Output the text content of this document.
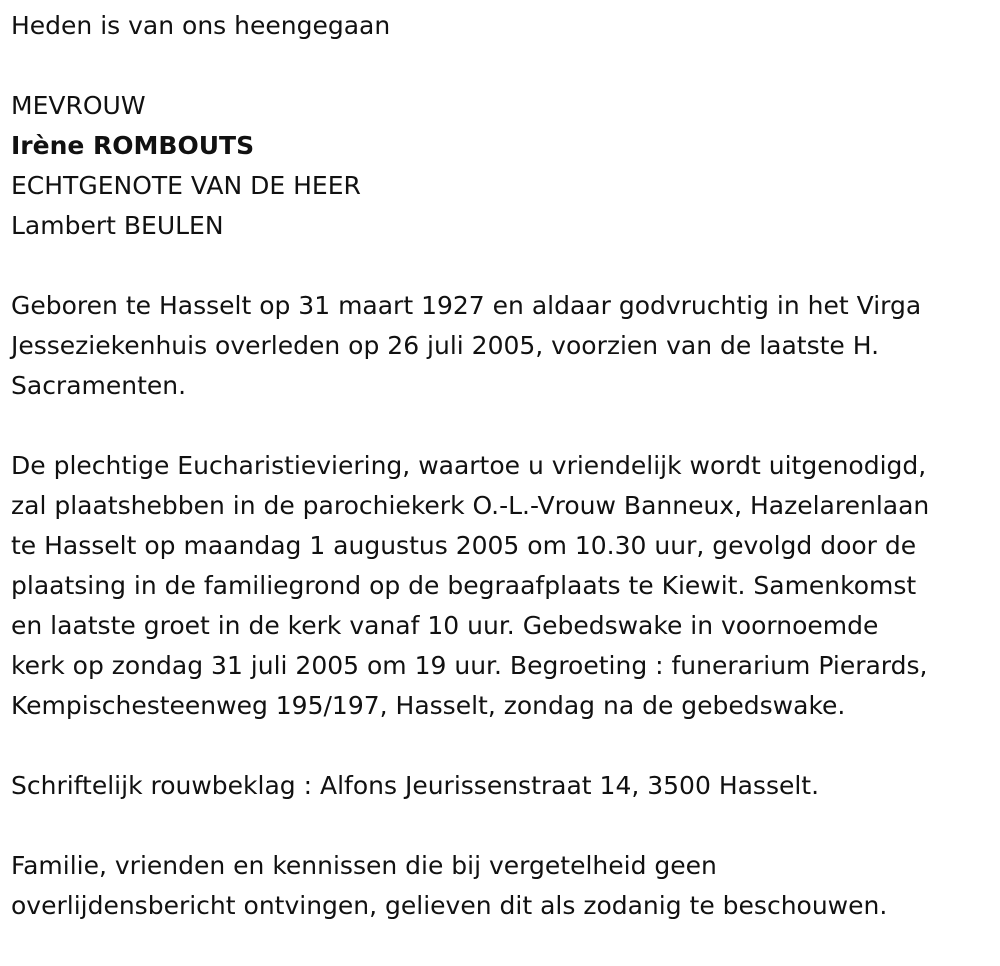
Heden is van ons heengegaan

MEVROUW

Irène ROMBOUTS

ECHTGENOTE VAN DE HEER

Lambert BEULEN

Geboren te Hasselt op 31 maart 1927 en aldaar godvruchtig in het Virga

Jesseziekenhuis overleden op 26 juli 2005, voorzien van de laatste H.

Sacramenten.

De plechtige Eucharistieviering, waartoe u vriendelijk wordt uitgenodigd,

zal plaatshebben in de parochiekerk O.-L.-Vrouw Banneux, Hazelarenlaan

te Hasselt op maandag 1 augustus 2005 om 10.30 uur, gevolgd door de

plaatsing in de familiegrond op de begraafplaats te Kiewit. Samenkomst

en laatste groet in de kerk vanaf 10 uur. Gebedswake in voornoemde

kerk op zondag 31 juli 2005 om 19 uur. Begroeting : funerarium Pierards,

Kempischesteenweg 195/197, Hasselt, zondag na de gebedswake.

Schriftelijk rouwbeklag : Alfons Jeurissenstraat 14, 3500 Hasselt.

Familie, vrienden en kennissen die bij vergetelheid geen

overlijdensbericht ontvingen, gelieven dit als zodanig te beschouwen.
